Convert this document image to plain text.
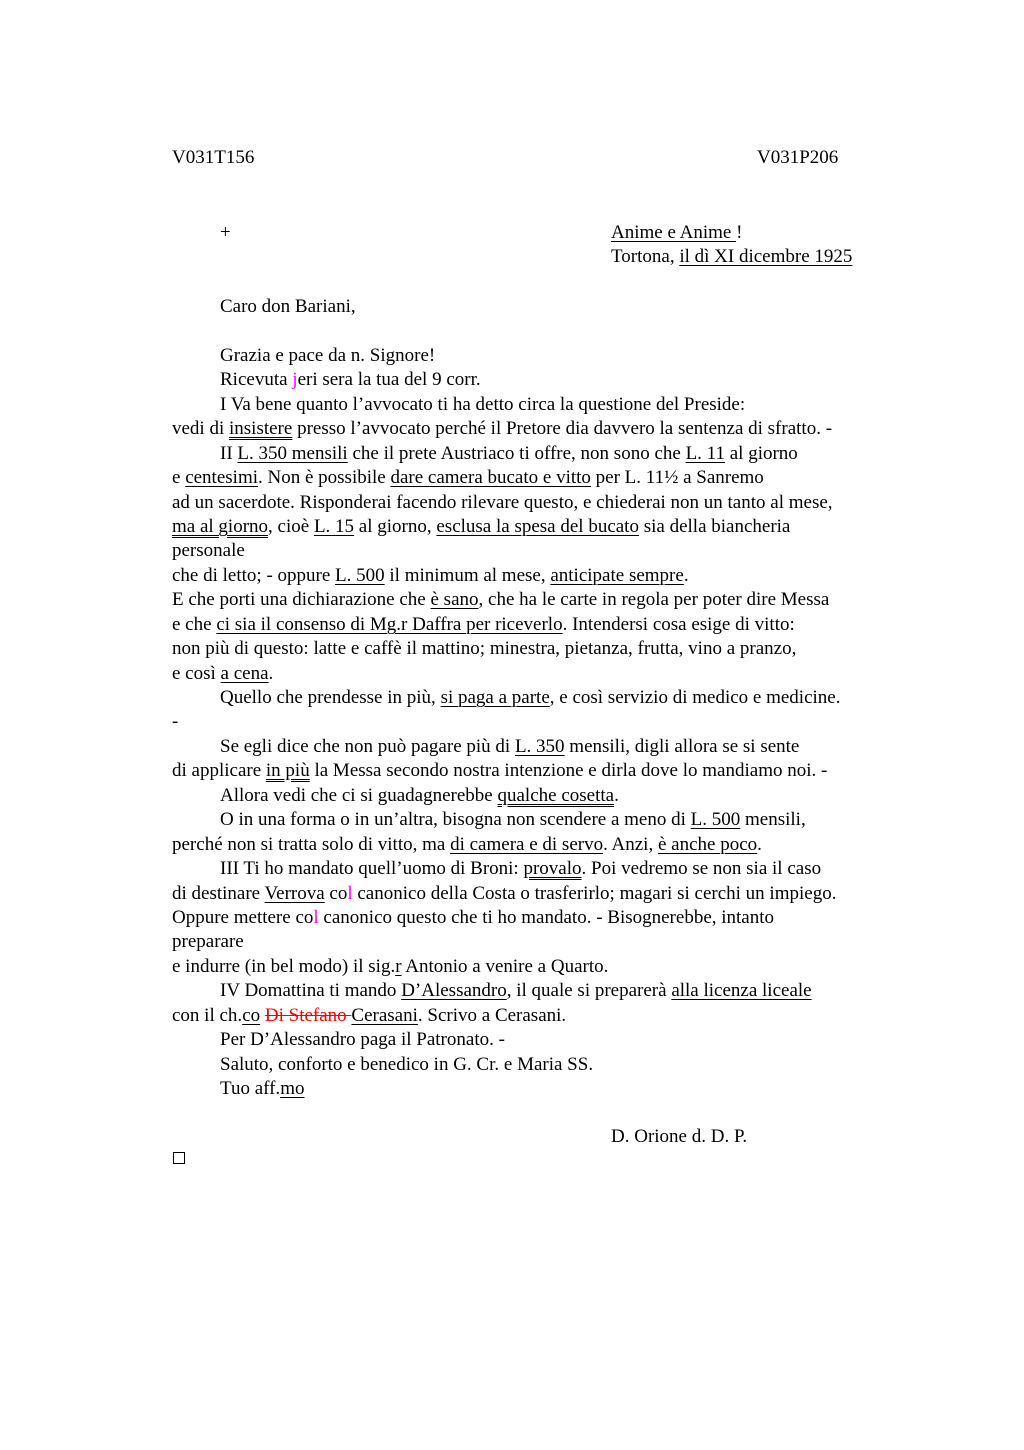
V031T156	V031P206
+	Anime e Anime !
Tortona, il dì XI dicembre 1925
Caro don Bariani,
Grazia e pace da n. Signore!
Ricevuta jeri sera la tua del 9 corr.
I Va bene quanto l’avvocato ti ha detto circa la questione del Preside:
vedi di insistere presso l’avvocato perché il Pretore dia davvero la sentenza di sfratto. -
II L. 350 mensili che il prete Austriaco ti offre, non sono che L. 11 al giorno
e centesimi. Non è possibile dare camera bucato e vitto per L. 11½ a Sanremo
ad un sacerdote. Risponderai facendo rilevare questo, e chiederai non un tanto al mese,
ma al giorno, cioè L. 15 al giorno, esclusa la spesa del bucato sia della biancheria
personale
che di letto; - oppure L. 500 il minimum al mese, anticipate sempre.
E che porti una dichiarazione che è sano, che ha le carte in regola per poter dire Messa
e che ci sia il consenso di Mg.r Daffra per riceverlo. Intendersi cosa esige di vitto:
non più di questo: latte e caffè il mattino; minestra, pietanza, frutta, vino a pranzo,
e così a cena.
Quello che prendesse in più, si paga a parte, e così servizio di medico e medicine.
-
Se egli dice che non può pagare più di L. 350 mensili, digli allora se si sente
di applicare in più la Messa secondo nostra intenzione e dirla dove lo mandiamo noi. -
Allora vedi che ci si guadagnerebbe qualche cosetta.
O in una forma o in un’altra, bisogna non scendere a meno di L. 500 mensili,
perché non si tratta solo di vitto, ma di camera e di servo. Anzi, è anche poco.
III Ti ho mandato quell’uomo di Broni: provalo. Poi vedremo se non sia il caso
di destinare Verrova col canonico della Costa o trasferirlo; magari si cerchi un impiego.
Oppure mettere col canonico questo che ti ho mandato. - Bisognerebbe, intanto
preparare
e indurre (in bel modo) il sig.r Antonio a venire a Quarto.
IV Domattina ti mando D’Alessandro, il quale si preparerà alla licenza liceale
con il ch.co Di Stefano Cerasani. Scrivo a Cerasani.
Per D’Alessandro paga il Patronato. -
Saluto, conforto e benedico in G. Cr. e Maria SS.
Tuo aff.mo
D. Orione d. D. P.
